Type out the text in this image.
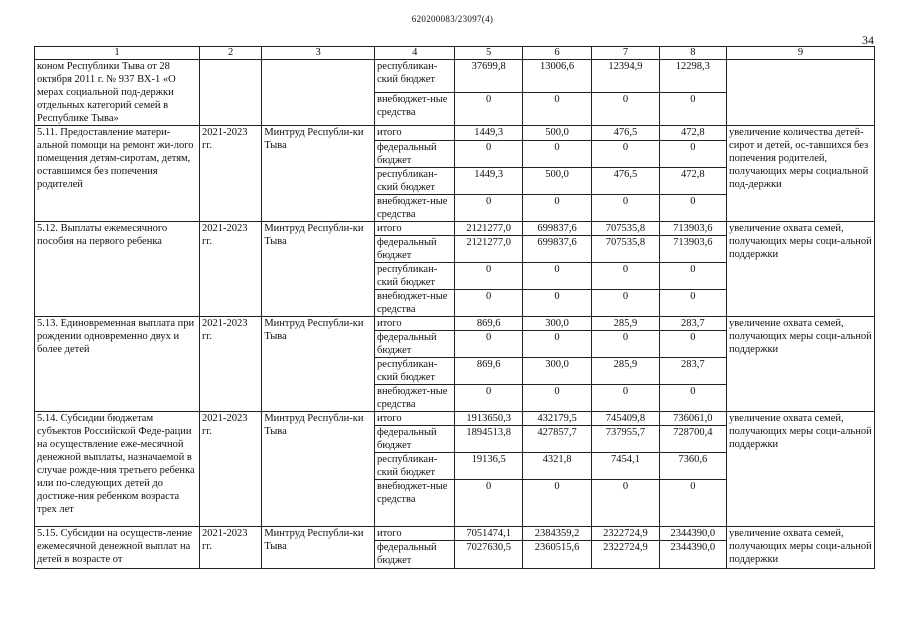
620200083/23097(4)
34
1	2	3	4	5	6	7	8	9
коном Республики Тыва от 28 октября 2011 г. № 937 ВХ-1 «О мерах социальной под-держки отдельных категорий семей в Республике Тыва»			республикан-ский бюджет	37699,8	13006,6	12394,9	12298,3	
			внебюджет-ные средства	0	0	0	0	
5.11. Предоставление матери-альной помощи на ремонт жи-лого помещения детям-сиротам, детям, оставшимся без попечения родителей	2021-2023 гг.	Минтруд Республи-ки Тыва	итого	1449,3	500,0	476,5	472,8	увеличение количества детей-сирот и детей, ос-тавшихся без попечения родителей, получающих меры социальной под-держки
			федеральный бюджет	0	0	0	0	
			республикан-ский бюджет	1449,3	500,0	476,5	472,8	
			внебюджет-ные средства	0	0	0	0	
5.12. Выплаты ежемесячного пособия на первого ребенка	2021-2023 гг.	Минтруд Республи-ки Тыва	итого	2121277,0	699837,6	707535,8	713903,6	увеличение охвата семей, получающих меры соци-альной поддержки
			федеральный бюджет	2121277,0	699837,6	707535,8	713903,6	
			республикан-ский бюджет	0	0	0	0	
			внебюджет-ные средства	0	0	0	0	
5.13. Единовременная выплата при рождении одновременно двух и более детей	2021-2023 гг.	Минтруд Республи-ки Тыва	итого	869,6	300,0	285,9	283,7	увеличение охвата семей, получающих меры соци-альной поддержки
			федеральный бюджет	0	0	0	0	
			республикан-ский бюджет	869,6	300,0	285,9	283,7	
			внебюджет-ные средства	0	0	0	0	
5.14. Субсидии бюджетам субъектов Российской Феде-рации на осуществление еже-месячной денежной выплаты, назначаемой в случае рожде-ния третьего ребенка или по-следующих детей до достиже-ния ребенком возраста трех лет	2021-2023 гг.	Минтруд Республи-ки Тыва	итого	1913650,3	432179,5	745409,8	736061,0	увеличение охвата семей, получающих меры соци-альной поддержки
			федеральный бюджет	1894513,8	427857,7	737955,7	728700,4	
			республикан-ский бюджет	19136,5	4321,8	7454,1	7360,6	
			внебюджет-ные средства	0	0	0	0	
5.15. Субсидии на осуществ-ление ежемесячной денежной выплат на детей в возрасте от	2021-2023 гг.	Минтруд Республи-ки Тыва	итого	7051474,1	2384359,2	2322724,9	2344390,0	увеличение охвата семей, получающих меры соци-альной поддержки
			федеральный бюджет	7027630,5	2360515,6	2322724,9	2344390,0	
